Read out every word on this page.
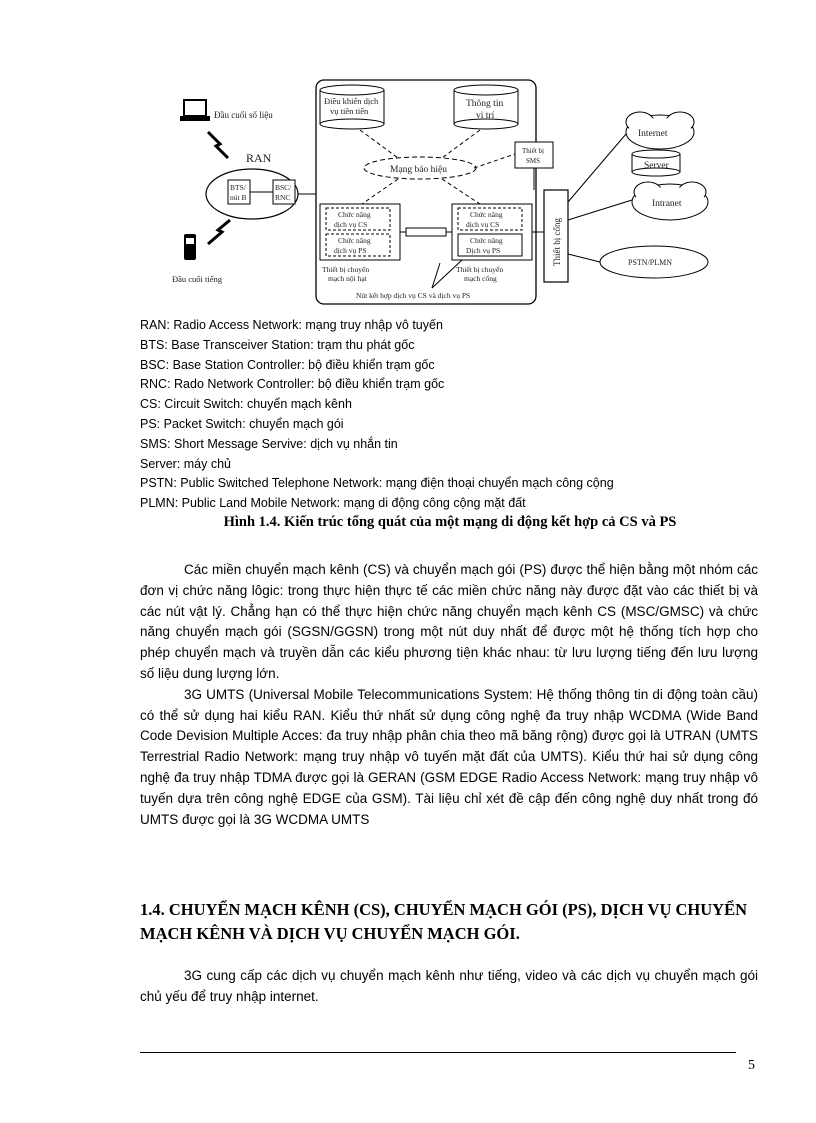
Đầu cuối số liệu
RAN
BTS/
nút B
BSC/
RNC
Đầu cuối tiếng
Điều khiển dịch
vụ tiên tiến
Thông tin
vị trí
Mạng báo hiệu
Chức năng
dịch vụ CS
Chức năng
dịch vụ PS
Thiết bị chuyển
mạch nội hạt
Chức năng
dịch vụ CS
Chức năng
Dịch vụ PS
Thiết bị chuyển
mạch cổng
Nút kết hợp dịch vụ CS và dịch vụ PS
Thiết bị
SMS
Thiết bị cổng
Internet
Server
Intranet
PSTN/PLMN
RAN: Radio Access Network: mạng truy nhập vô tuyến
BTS: Base Transceiver Station: trạm thu phát gốc
BSC: Base Station Controller: bộ điều khiển trạm gốc
RNC: Rado Network Controller: bộ điều khiển trạm gốc
CS: Circuit Switch: chuyển mạch kênh
PS: Packet Switch: chuyển mạch gói
SMS: Short Message Servive: dịch vụ nhắn tin
Server: máy chủ
PSTN: Public Switched Telephone Network: mạng điện thoại chuyển mạch công cộng
PLMN: Public Land Mobile Network: mạng di động công cộng mặt đất
Hình 1.4. Kiến trúc tổng quát của một mạng di động kết hợp cả CS và PS

Các miền chuyển mạch kênh (CS) và chuyển mạch gói (PS) được thể hiện bằng một nhóm các đơn vị chức năng lôgic: trong thực hiện thực tế các miền chức năng này được đặt vào các thiết bị và các nút vật lý. Chẳng hạn có thể thực hiện chức năng chuyển mạch kênh CS (MSC/GMSC) và chức năng chuyển mạch gói (SGSN/GGSN) trong một nút duy nhất để được một hệ thống tích hợp cho phép chuyển mạch và truyền dẫn các kiểu phương tiện khác nhau: từ lưu lượng tiếng đến lưu lượng số liệu dung lượng lớn.

3G UMTS (Universal Mobile Telecommunications System: Hệ thống thông tin di động toàn cầu) có thể sử dụng hai kiểu RAN. Kiểu thứ nhất sử dụng công nghệ đa truy nhập WCDMA (Wide Band Code Devision Multiple Acces: đa truy nhập phân chia theo mã băng rộng) được gọi là UTRAN (UMTS Terrestrial Radio Network: mạng truy nhập vô tuyến mặt đất của UMTS). Kiểu thứ hai sử dụng công nghệ đa truy nhập TDMA được gọi là GERAN (GSM EDGE Radio Access Network: mạng truy nhập vô tuyến dựa trên công nghệ EDGE của GSM). Tài liệu chỉ xét đề cập đến công nghệ duy nhất trong đó UMTS được gọi là 3G WCDMA UMTS

1.4. CHUYỂN MẠCH KÊNH (CS), CHUYỂN MẠCH GÓI (PS), DỊCH VỤ CHUYỂN MẠCH KÊNH VÀ DỊCH VỤ CHUYỂN MẠCH GÓI.

3G cung cấp các dịch vụ chuyển mạch kênh như tiếng, video và các dịch vụ chuyển mạch gói chủ yếu để truy nhập internet.

5
